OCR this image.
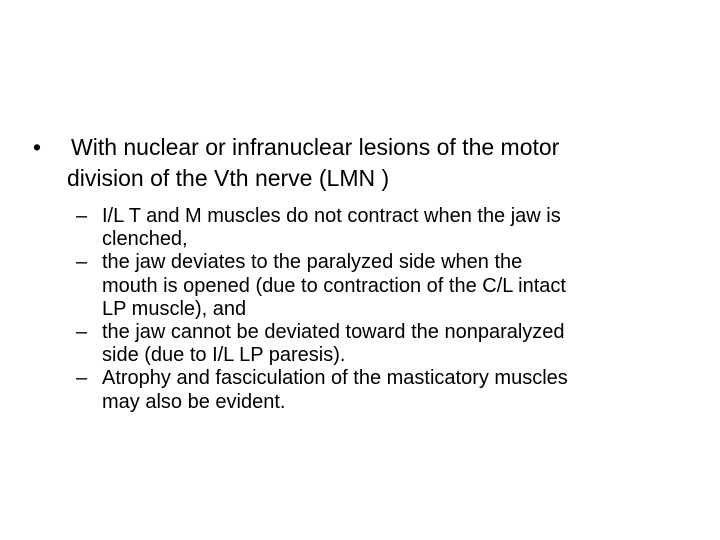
•	With nuclear or infranuclear lesions of the motor
division of the Vth nerve (LMN )
– I/L T and M muscles do not contract when the jaw is
clenched,
– the jaw deviates to the paralyzed side when the
mouth is opened (due to contraction of the C/L intact
LP muscle), and
– the jaw cannot be deviated toward the nonparalyzed
side (due to I/L LP paresis).
– Atrophy and fasciculation of the masticatory muscles
may also be evident.
